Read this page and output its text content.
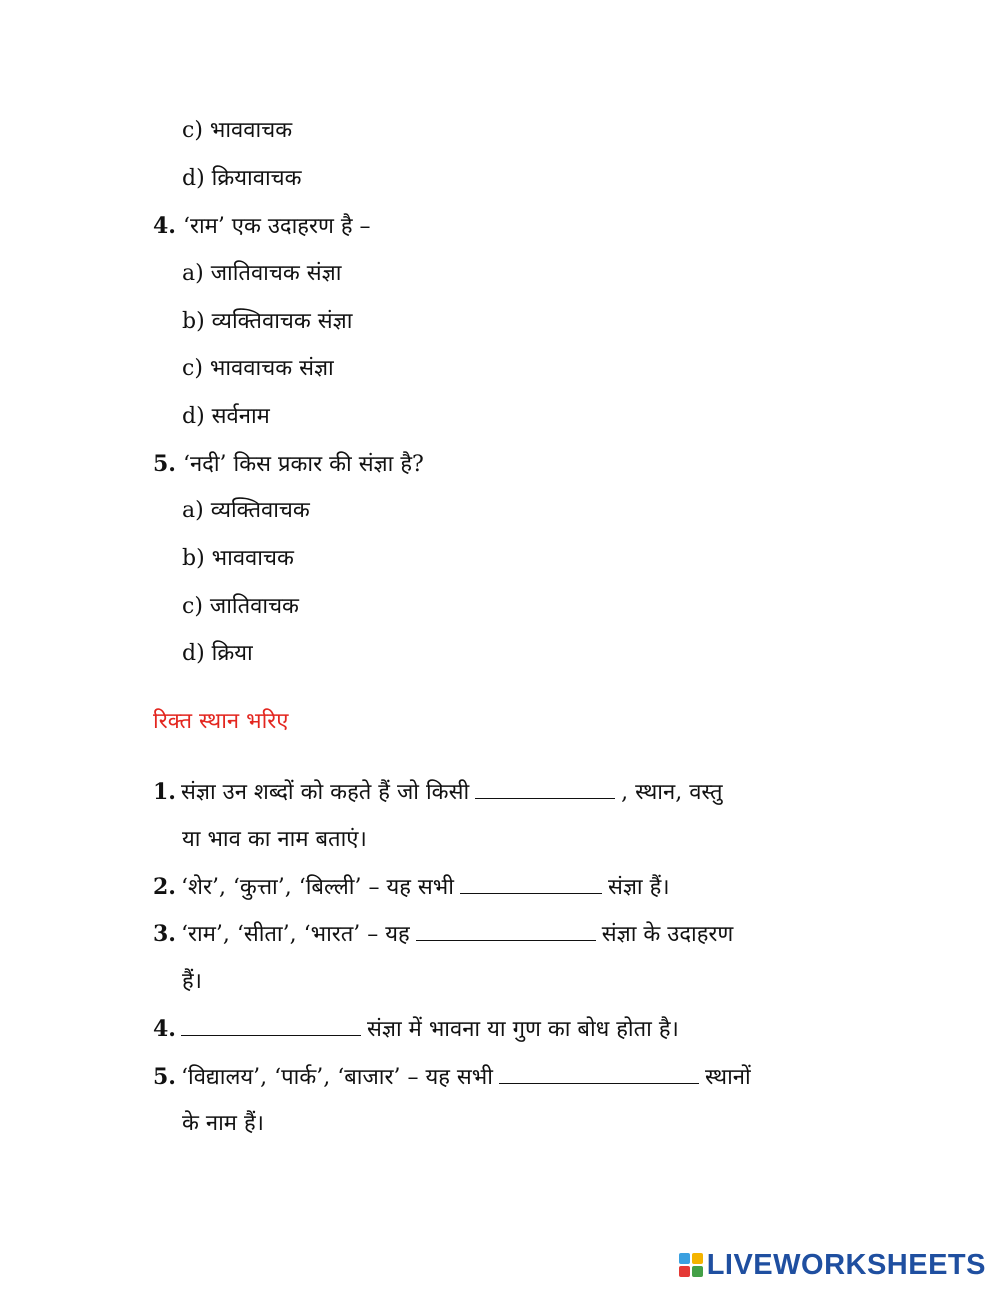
c) भाववाचक
d) क्रियावाचक
4. ‘राम’ एक उदाहरण है –
a) जातिवाचक संज्ञा
b) व्यक्तिवाचक संज्ञा
c) भाववाचक संज्ञा
d) सर्वनाम
5. ‘नदी’ किस प्रकार की संज्ञा है?
a) व्यक्तिवाचक
b) भाववाचक
c) जातिवाचक
d) क्रिया
रिक्त स्थान भरिए
1. संज्ञा उन शब्दों को कहते हैं जो किसी	, स्थान, वस्तु
या भाव का नाम बताएं।
2. ‘शेर’, ‘कुत्ता’, ‘बिल्ली’ – यह सभी	संज्ञा हैं।
3. ‘राम’, ‘सीता’, ‘भारत’ – यह	संज्ञा के उदाहरण
हैं।
4.	संज्ञा में भावना या गुण का बोध होता है।
5. ‘विद्यालय’, ‘पार्क’, ‘बाजार’ – यह सभी	स्थानों
के नाम हैं।
LIVEWORKSHEETS
